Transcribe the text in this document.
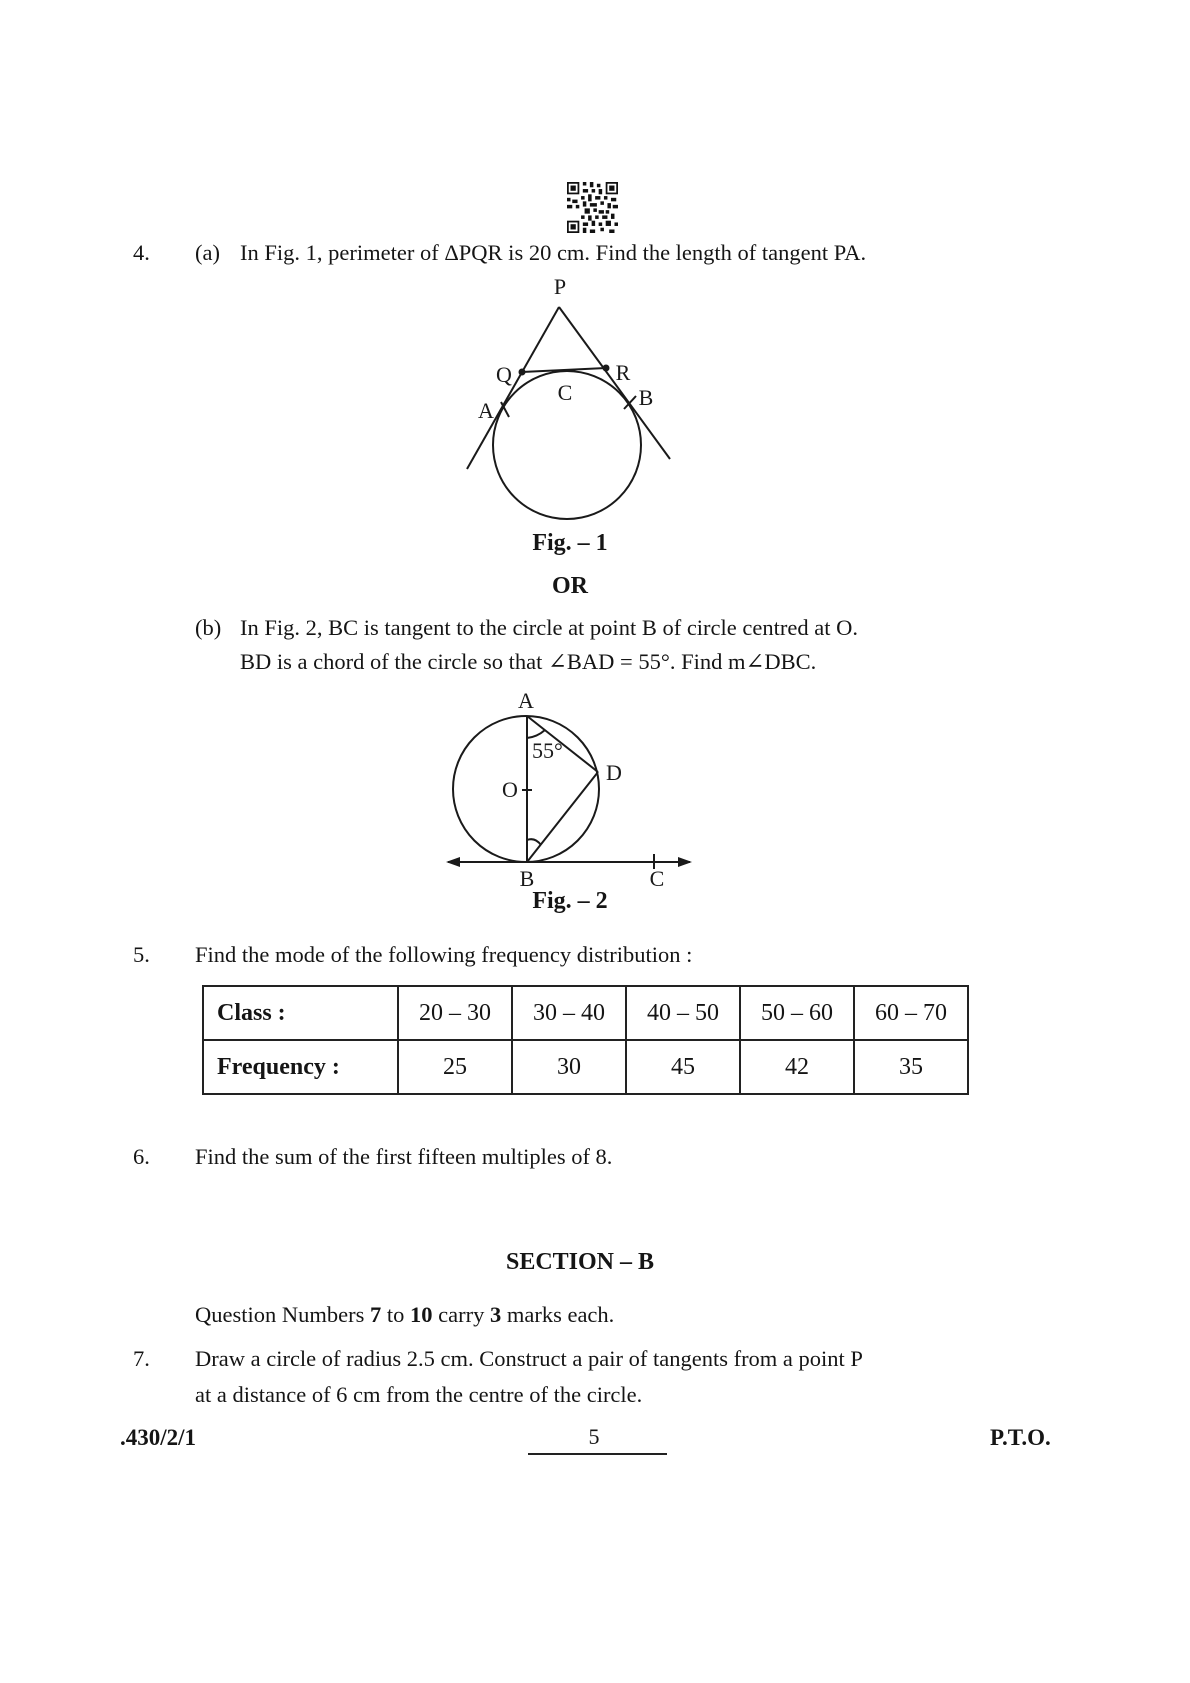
4. (a) In Fig. 1, perimeter of ΔPQR is 20 cm. Find the length of tangent PA.
P
Q	R
C
A
B
Fig. – 1
OR
(b) In Fig. 2, BC is tangent to the circle at point B of circle centred at O.
BD is a chord of the circle so that ∠BAD = 55°. Find m∠DBC.
A
O
D
55°
B	C
Fig. – 2
5. Find the mode of the following frequency distribution :
Class :	20 – 30	30 – 40	40 – 50	50 – 60	60 – 70
Frequency :	25	30	45	42	35
6. Find the sum of the first fifteen multiples of 8.
SECTION – B
Question Numbers 7 to 10 carry 3 marks each.
7. Draw a circle of radius 2.5 cm. Construct a pair of tangents from a point P
at a distance of 6 cm from the centre of the circle.
.430/2/1	5	P.T.O.
